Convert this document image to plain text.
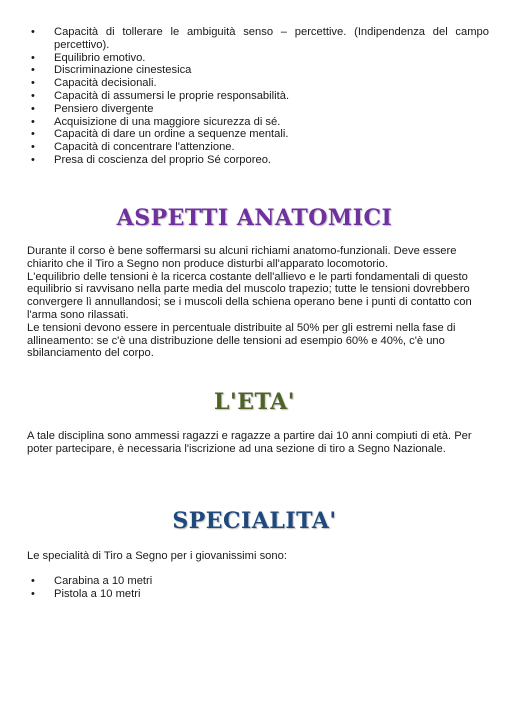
• Capacità di tollerare le ambiguità senso – percettive. (Indipendenza del campo percettivo).
• Equilibrio emotivo.
• Discriminazione cinestesica
• Capacità decisionali.
• Capacità di assumersi le proprie responsabilità.
• Pensiero divergente
• Acquisizione di una maggiore sicurezza di sé.
• Capacità di dare un ordine a sequenze mentali.
• Capacità di concentrare l'attenzione.
• Presa di coscienza del proprio Sé corporeo.
ASPETTI ANATOMICI
Durante il corso è bene soffermarsi su alcuni richiami anatomo-funzionali. Deve essere
chiarito che il Tiro a Segno non produce disturbi all'apparato locomotorio.
L'equilibrio delle tensioni è la ricerca costante dell'allievo e le parti fondamentali di questo
equilibrio si ravvisano nella parte media del muscolo trapezio; tutte le tensioni dovrebbero
convergere lì annullandosi; se i muscoli della schiena operano bene i punti di contatto con
l'arma sono rilassati.
Le tensioni devono essere in percentuale distribuite al 50% per gli estremi nella fase di
allineamento: se c'è una distribuzione delle tensioni ad esempio 60% e 40%, c'è uno
sbilanciamento del corpo.
L'ETA'
A tale disciplina sono ammessi ragazzi e ragazze a partire dai 10 anni compiuti di età. Per
poter partecipare, è necessaria l'iscrizione ad una sezione di tiro a Segno Nazionale.
SPECIALITA'
Le specialità di Tiro a Segno per i giovanissimi sono:
• Carabina a 10 metri
• Pistola a 10 metri
